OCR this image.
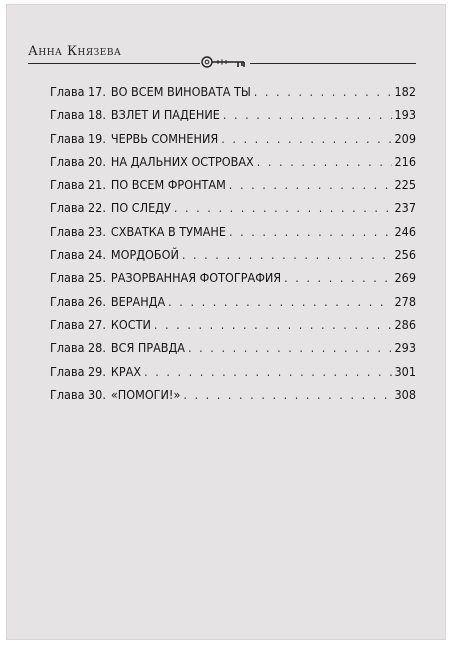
Анна Князева
Глава 17. ВО ВСЕМ ВИНОВАТА ТЫ . . .	182
Глава 18. ВЗЛЕТ И ПАДЕНИЕ . . .	193
Глава 19. ЧЕРВЬ СОМНЕНИЯ . . .	209
Глава 20. НА ДАЛЬНИХ ОСТРОВАХ . . .	216
Глава 21. ПО ВСЕМ ФРОНТАМ . . .	225
Глава 22. ПО СЛЕДУ . . .	237
Глава 23. СХВАТКА В ТУМАНЕ . . .	246
Глава 24. МОРДОБОЙ . . .	256
Глава 25. РАЗОРВАННАЯ ФОТОГРАФИЯ . . .	269
Глава 26. ВЕРАНДА . . .	278
Глава 27. КОСТИ . . .	286
Глава 28. ВСЯ ПРАВДА . . .	293
Глава 29. КРАХ . . .	301
Глава 30. «ПОМОГИ!» . . .	308
